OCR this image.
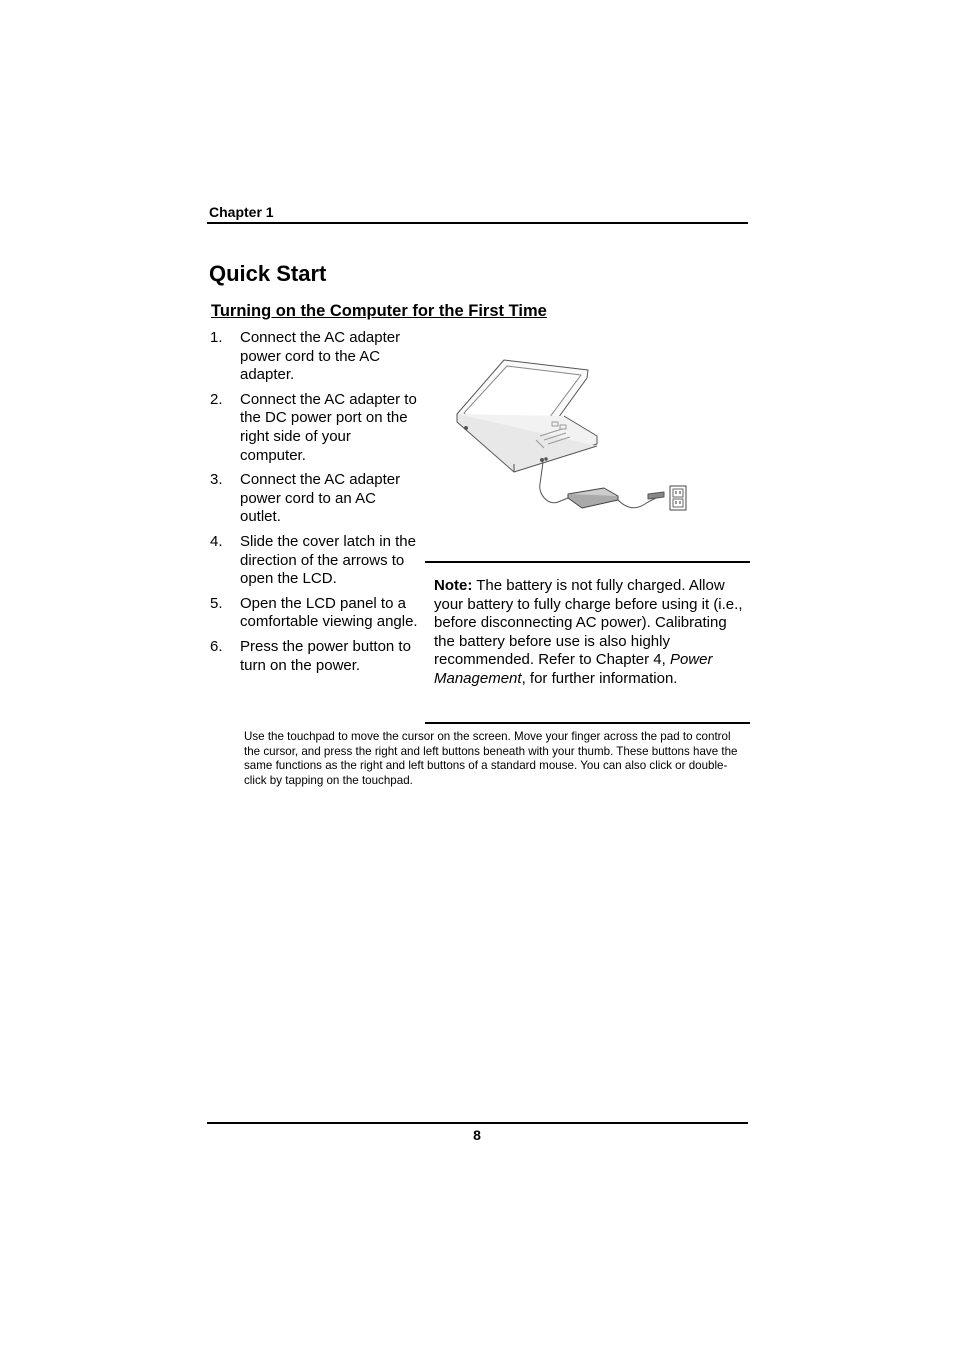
Chapter 1
Quick Start
Turning on the Computer for the First Time
1. Connect the AC adapter power cord to the AC adapter.
2. Connect the AC adapter to the DC power port on the right side of your computer.
3. Connect the AC adapter power cord to an AC outlet.
4. Slide the cover latch in the direction of the arrows to open the LCD.
5. Open the LCD panel to a comfortable viewing angle.
6. Press the power button to turn on the power.

Note: The battery is not fully charged. Allow your battery to fully charge before using it (i.e., before disconnecting AC power). Calibrating the battery before use is also highly recommended. Refer to Chapter 4, Power Management, for further information.

Use the touchpad to move the cursor on the screen. Move your finger across the pad to control the cursor, and press the right and left buttons beneath with your thumb. These buttons have the same functions as the right and left buttons of a standard mouse. You can also click or double-click by tapping on the touchpad.

8
